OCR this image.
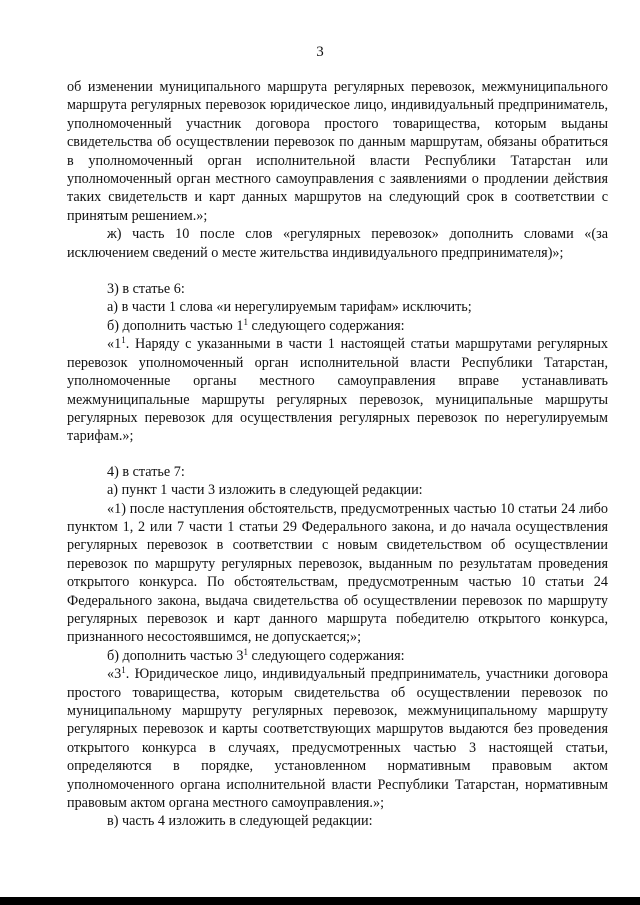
3

об изменении муниципального маршрута регулярных перевозок, межмуниципального маршрута регулярных перевозок юридическое лицо, индивидуальный предприниматель, уполномоченный участник договора простого товарищества, которым выданы свидетельства об осуществлении перевозок по данным маршрутам, обязаны обратиться в уполномоченный орган исполнительной власти Республики Татарстан или уполномоченный орган местного самоуправления с заявлениями о продлении действия таких свидетельств и карт данных маршрутов на следующий срок в соответствии с принятым решением.»;

ж) часть 10 после слов «регулярных перевозок» дополнить словами «(за исключением сведений о месте жительства индивидуального предпринимателя)»;

3) в статье 6:

а) в части 1 слова «и нерегулируемым тарифам» исключить;

б) дополнить частью $1^1$ следующего содержания:

«$1^1$. Наряду с указанными в части 1 настоящей статьи маршрутами регулярных перевозок уполномоченный орган исполнительной власти Республики Татарстан, уполномоченные органы местного самоуправления вправе устанавливать межмуниципальные маршруты регулярных перевозок, муниципальные маршруты регулярных перевозок для осуществления регулярных перевозок по нерегулируемым тарифам.»;

4) в статье 7:

а) пункт 1 части 3 изложить в следующей редакции:

«1) после наступления обстоятельств, предусмотренных частью 10 статьи 24 либо пунктом 1, 2 или 7 части 1 статьи 29 Федерального закона, и до начала осуществления регулярных перевозок в соответствии с новым свидетельством об осуществлении перевозок по маршруту регулярных перевозок, выданным по результатам проведения открытого конкурса. По обстоятельствам, предусмотренным частью 10 статьи 24 Федерального закона, выдача свидетельства об осуществлении перевозок по маршруту регулярных перевозок и карт данного маршрута победителю открытого конкурса, признанного несостоявшимся, не допускается;»;

б) дополнить частью $3^1$ следующего содержания:

«$3^1$. Юридическое лицо, индивидуальный предприниматель, участники договора простого товарищества, которым свидетельства об осуществлении перевозок по муниципальному маршруту регулярных перевозок, межмуниципальному маршруту регулярных перевозок и карты соответствующих маршрутов выдаются без проведения открытого конкурса в случаях, предусмотренных частью 3 настоящей статьи, определяются в порядке, установленном нормативным правовым актом уполномоченного органа исполнительной власти Республики Татарстан, нормативным правовым актом органа местного самоуправления.»;

в) часть 4 изложить в следующей редакции:
